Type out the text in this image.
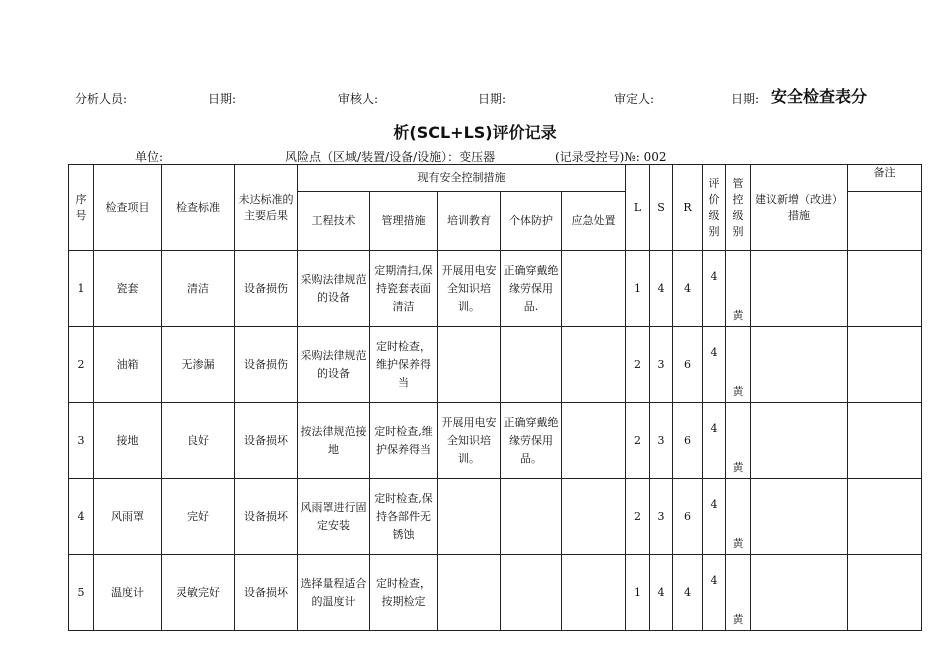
分析人员:	日期:	审核人:	日期:	审定人:	日期: 安全检查表分
析(SCL+LS)评价记录
单位:	风险点（区域/装置/设备/设施）：变压器	(记录受控号)№: 002
序号	检查项目	检查标准	未达标准的主要后果	现有安全控制措施					L	S	R	评价级别	管控级别	建议新增（改进）措施	备注
				工程技术	管理措施	培训教育	个体防护	应急处置							
1	瓷套	清洁	设备损伤	采购法律规范的设备	定期清扫,保持瓷套表面清洁	开展用电安全知识培训。	正确穿戴绝缘劳保用品.		1	4	4	4	黄		
2	油箱	无渗漏	设备损伤	采购法律规范的设备	定时检查，维护保养得当				2	3	6	4	黄		
3	接地	良好	设备损坏	按法律规范接地	定时检查,维护保养得当	开展用电安全知识培训。	正确穿戴绝缘劳保用品。		2	3	6	4	黄		
4	风雨罩	完好	设备损坏	风雨罩进行固定安装	定时检查,保持各部件无锈蚀				2	3	6	4	黄		
5	温度计	灵敏完好	设备损坏	选择量程适合的温度计	定时检查，按期检定				1	4	4	4	黄		
